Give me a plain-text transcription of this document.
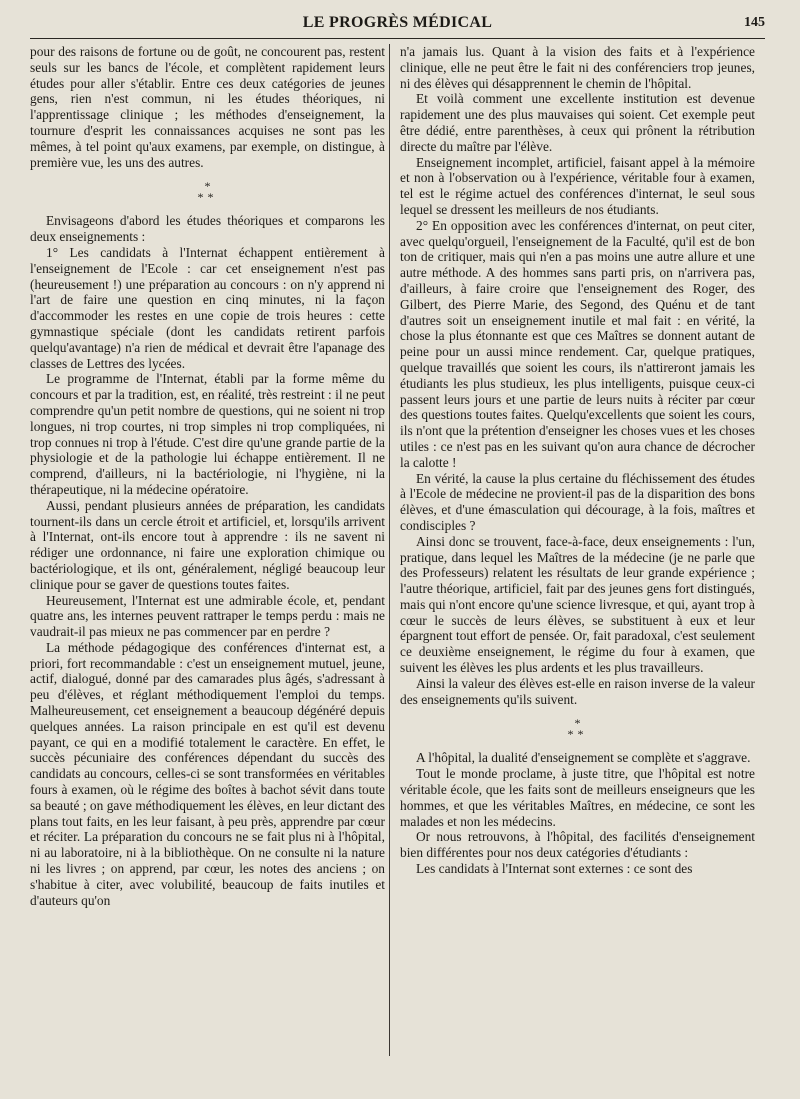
LE PROGRÈS MÉDICAL	145

pour des raisons de fortune ou de goût, ne concourent pas, restent seuls sur les bancs de l'école, et complètent rapidement leurs études pour aller s'établir. Entre ces deux catégories de jeunes gens, rien n'est commun, ni les études théoriques, ni l'apprentissage clinique ; les méthodes d'enseignement, la tournure d'esprit les connaissances acquises ne sont pas les mêmes, à tel point qu'aux examens, par exemple, on distingue, à première vue, les uns des autres.

*
**

Envisageons d'abord les études théoriques et comparons les deux enseignements :

1° Les candidats à l'Internat échappent entièrement à l'enseignement de l'Ecole : car cet enseignement n'est pas (heureusement !) une préparation au concours : on n'y apprend ni l'art de faire une question en cinq minutes, ni la façon d'accommoder les restes en une copie de trois heures : cette gymnastique spéciale (dont les candidats retirent parfois quelqu'avantage) n'a rien de médical et devrait être l'apanage des classes de Lettres des lycées.

Le programme de l'Internat, établi par la forme même du concours et par la tradition, est, en réalité, très restreint : il ne peut comprendre qu'un petit nombre de questions, qui ne soient ni trop longues, ni trop courtes, ni trop simples ni trop compliquées, ni trop connues ni trop à l'étude. C'est dire qu'une grande partie de la physiologie et de la pathologie lui échappe entièrement. Il ne comprend, d'ailleurs, ni la bactériologie, ni l'hygiène, ni la thérapeutique, ni la médecine opératoire.

Aussi, pendant plusieurs années de préparation, les candidats tournent-ils dans un cercle étroit et artificiel, et, lorsqu'ils arrivent à l'Internat, ont-ils encore tout à apprendre : ils ne savent ni rédiger une ordonnance, ni faire une exploration chimique ou bactériologique, et ils ont, généralement, négligé beaucoup leur clinique pour se gaver de questions toutes faites.

Heureusement, l'Internat est une admirable école, et, pendant quatre ans, les internes peuvent rattraper le temps perdu : mais ne vaudrait-il pas mieux ne pas commencer par en perdre ?

La méthode pédagogique des conférences d'internat est, a priori, fort recommandable : c'est un enseignement mutuel, jeune, actif, dialogué, donné par des camarades plus âgés, s'adressant à peu d'élèves, et réglant méthodiquement l'emploi du temps. Malheureusement, cet enseignement a beaucoup dégénéré depuis quelques années. La raison principale en est qu'il est devenu payant, ce qui en a modifié totalement le caractère. En effet, le succès pécuniaire des conférences dépendant du succès des candidats au concours, celles-ci se sont transformées en véritables fours à examen, où le régime des boîtes à bachot sévit dans toute sa beauté ; on gave méthodiquement les élèves, en leur dictant des plans tout faits, en les leur faisant, à peu près, apprendre par cœur et réciter. La préparation du concours ne se fait plus ni à l'hôpital, ni au laboratoire, ni à la bibliothèque. On ne consulte ni la nature ni les livres ; on apprend, par cœur, les notes des anciens ; on s'habitue à citer, avec volubilité, beaucoup de faits inutiles et d'auteurs qu'on

n'a jamais lus. Quant à la vision des faits et à l'expérience clinique, elle ne peut être le fait ni des conférenciers trop jeunes, ni des élèves qui désapprennent le chemin de l'hôpital.

Et voilà comment une excellente institution est devenue rapidement une des plus mauvaises qui soient. Cet exemple peut être dédié, entre parenthèses, à ceux qui prônent la rétribution directe du maître par l'élève.

Enseignement incomplet, artificiel, faisant appel à la mémoire et non à l'observation ou à l'expérience, véritable four à examen, tel est le régime actuel des conférences d'internat, le seul sous lequel se dressent les meilleurs de nos étudiants.

2° En opposition avec les conférences d'internat, on peut citer, avec quelqu'orgueil, l'enseignement de la Faculté, qu'il est de bon ton de critiquer, mais qui n'en a pas moins une autre allure et une autre méthode. A des hommes sans parti pris, on n'arrivera pas, d'ailleurs, à faire croire que l'enseignement des Roger, des Gilbert, des Pierre Marie, des Segond, des Quénu et de tant d'autres soit un enseignement inutile et mal fait : en vérité, la chose la plus étonnante est que ces Maîtres se donnent autant de peine pour un aussi mince rendement. Car, quelque pratiques, quelque travaillés que soient les cours, ils n'attireront jamais les étudiants les plus studieux, les plus intelligents, puisque ceux-ci passent leurs jours et une partie de leurs nuits à réciter par cœur des questions toutes faites. Quelqu'excellents que soient les cours, ils n'ont que la prétention d'enseigner les choses vues et les choses utiles : ce n'est pas en les suivant qu'on aura chance de décrocher la calotte !

En vérité, la cause la plus certaine du fléchissement des études à l'Ecole de médecine ne provient-il pas de la disparition des bons élèves, et d'une émasculation qui décourage, à la fois, maîtres et condisciples ?

Ainsi donc se trouvent, face-à-face, deux enseignements : l'un, pratique, dans lequel les Maîtres de la médecine (je ne parle que des Professeurs) relatent les résultats de leur grande expérience ; l'autre théorique, artificiel, fait par des jeunes gens fort distingués, mais qui n'ont encore qu'une science livresque, et qui, ayant trop à cœur le succès de leurs élèves, se substituent à eux et leur épargnent tout effort de pensée. Or, fait paradoxal, c'est seulement ce deuxième enseignement, le régime du four à examen, que suivent les élèves les plus ardents et les plus travailleurs.

Ainsi la valeur des élèves est-elle en raison inverse de la valeur des enseignements qu'ils suivent.

*
**

A l'hôpital, la dualité d'enseignement se complète et s'aggrave.

Tout le monde proclame, à juste titre, que l'hôpital est notre véritable école, que les faits sont de meilleurs enseigneurs que les hommes, et que les véritables Maîtres, en médecine, ce sont les malades et non les médecins.

Or nous retrouvons, à l'hôpital, des facilités d'enseignement bien différentes pour nos deux catégories d'étudiants :

Les candidats à l'Internat sont externes : ce sont des
